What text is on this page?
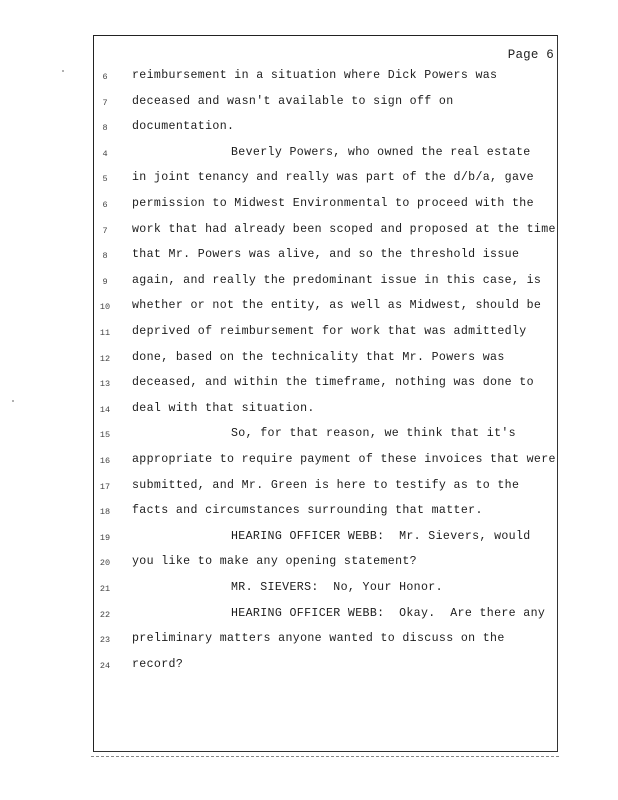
Page 6
6	reimbursement in a situation where Dick Powers was
7	deceased and wasn't available to sign off on
8	documentation.
4	Beverly Powers, who owned the real estate
5	in joint tenancy and really was part of the d/b/a, gave
6	permission to Midwest Environmental to proceed with the
7	work that had already been scoped and proposed at the time
8	that Mr. Powers was alive, and so the threshold issue
9	again, and really the predominant issue in this case, is
10	whether or not the entity, as well as Midwest, should be
11	deprived of reimbursement for work that was admittedly
12	done, based on the technicality that Mr. Powers was
13	deceased, and within the timeframe, nothing was done to
14	deal with that situation.
15	So, for that reason, we think that it's
16	appropriate to require payment of these invoices that were
17	submitted, and Mr. Green is here to testify as to the
18	facts and circumstances surrounding that matter.
19	HEARING OFFICER WEBB:  Mr. Sievers, would
20	you like to make any opening statement?
21	MR. SIEVERS:  No, Your Honor.
22	HEARING OFFICER WEBB:  Okay.  Are there any
23	preliminary matters anyone wanted to discuss on the
24	record?
